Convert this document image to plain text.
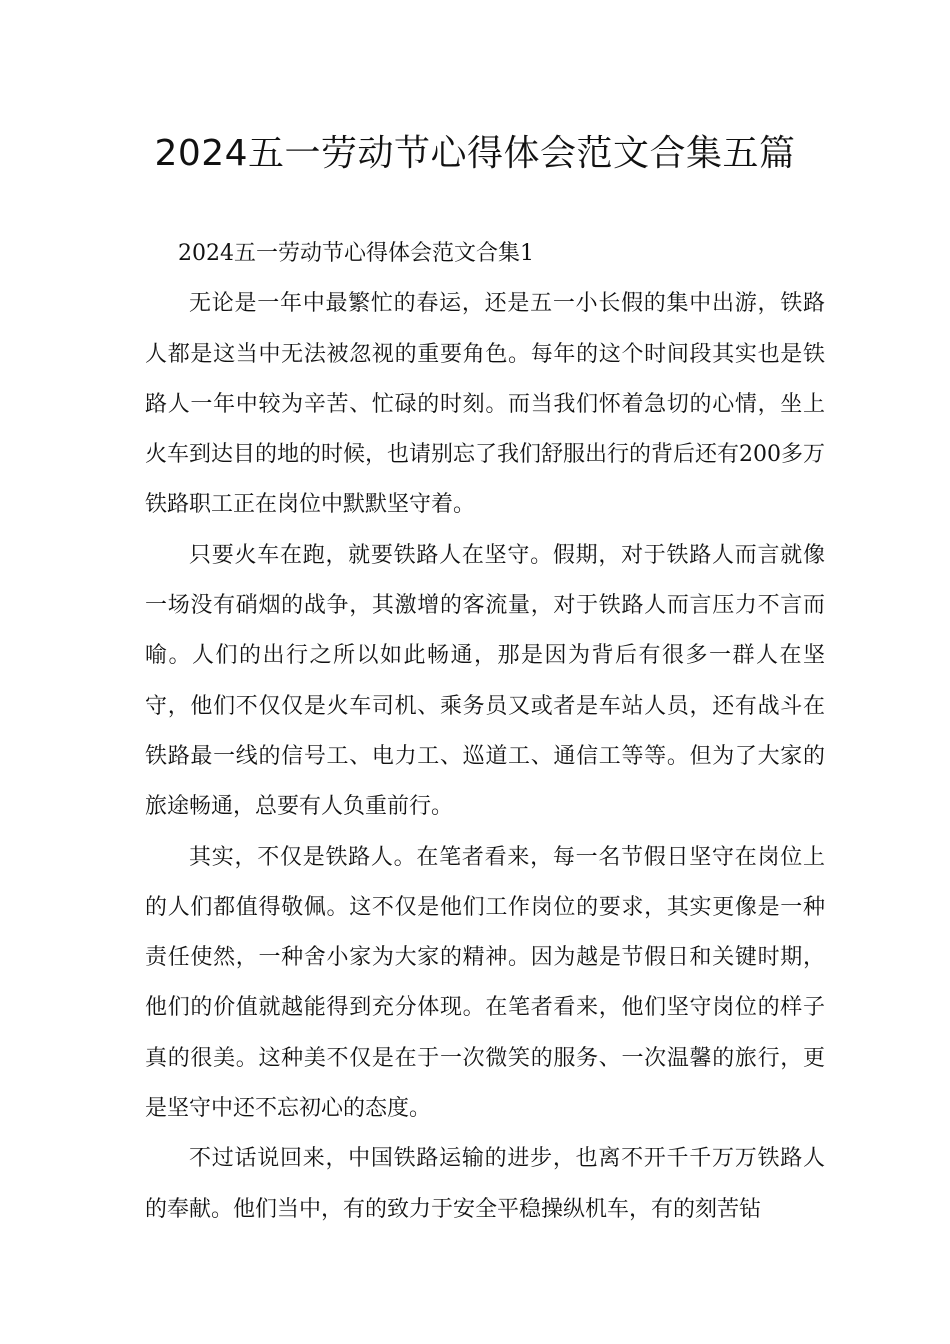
2024五一劳动节心得体会范文合集五篇

2024五一劳动节心得体会范文合集1

无论是一年中最繁忙的春运，还是五一小长假的集中出游，铁路人都是这当中无法被忽视的重要角色。每年的这个时间段其实也是铁路人一年中较为辛苦、忙碌的时刻。而当我们怀着急切的心情，坐上火车到达目的地的时候，也请别忘了我们舒服出行的背后还有200多万铁路职工正在岗位中默默坚守着。

只要火车在跑，就要铁路人在坚守。假期，对于铁路人而言就像一场没有硝烟的战争，其激增的客流量，对于铁路人而言压力不言而喻。人们的出行之所以如此畅通，那是因为背后有很多一群人在坚守，他们不仅仅是火车司机、乘务员又或者是车站人员，还有战斗在铁路最一线的信号工、电力工、巡道工、通信工等等。但为了大家的旅途畅通，总要有人负重前行。

其实，不仅是铁路人。在笔者看来，每一名节假日坚守在岗位上的人们都值得敬佩。这不仅是他们工作岗位的要求，其实更像是一种责任使然，一种舍小家为大家的精神。因为越是节假日和关键时期，他们的价值就越能得到充分体现。在笔者看来，他们坚守岗位的样子真的很美。这种美不仅是在于一次微笑的服务、一次温馨的旅行，更是坚守中还不忘初心的态度。

不过话说回来，中国铁路运输的进步，也离不开千千万万铁路人的奉献。他们当中，有的致力于安全平稳操纵机车，有的刻苦钻
